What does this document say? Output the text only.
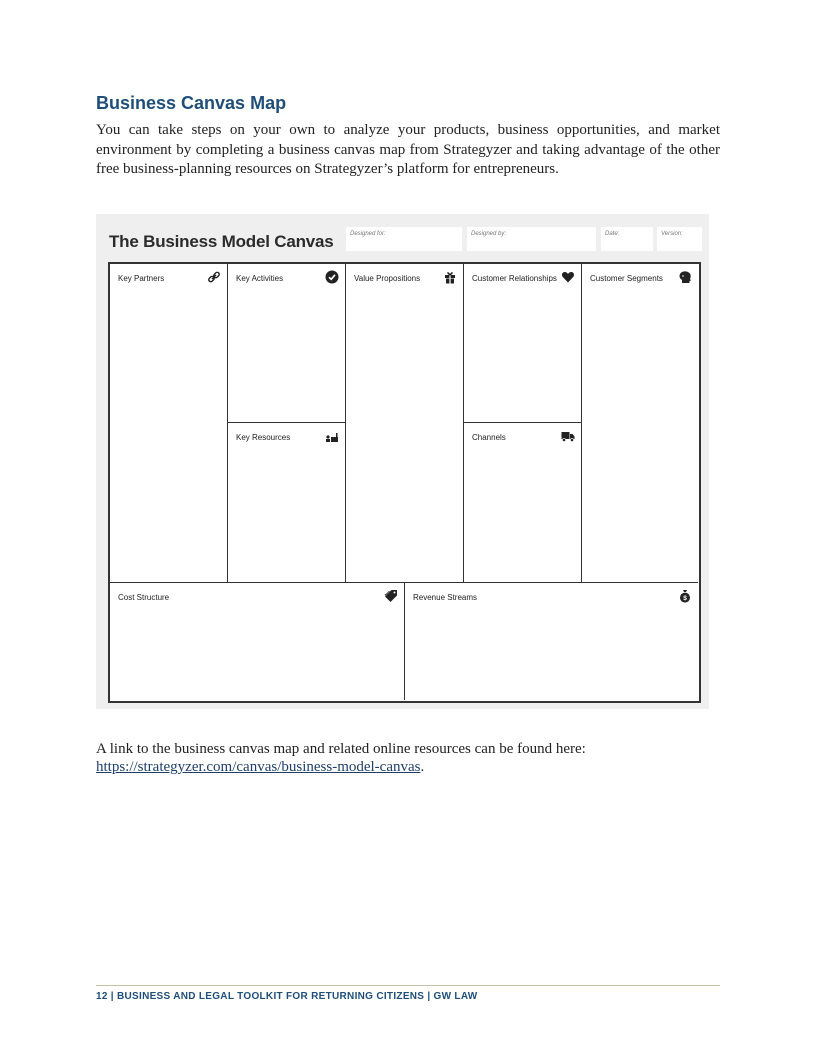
Business Canvas Map

You can take steps on your own to analyze your products, business opportunities, and market environment by completing a business canvas map from Strategyzer and taking advantage of the other free business-planning resources on Strategyzer’s platform for entrepreneurs.

The Business Model Canvas	Designed for:	Designed by:	Date:	Version:
Key Partners	Key Activities
Key Resources
Value Propositions	Customer Relationships
Channels
Customer Segments
Cost Structure	Revenue Streams	$

A link to the business canvas map and related online resources can be found here:
https://strategyzer.com/canvas/business-model-canvas.

12 | BUSINESS AND LEGAL TOOLKIT FOR RETURNING CITIZENS | GW LAW
